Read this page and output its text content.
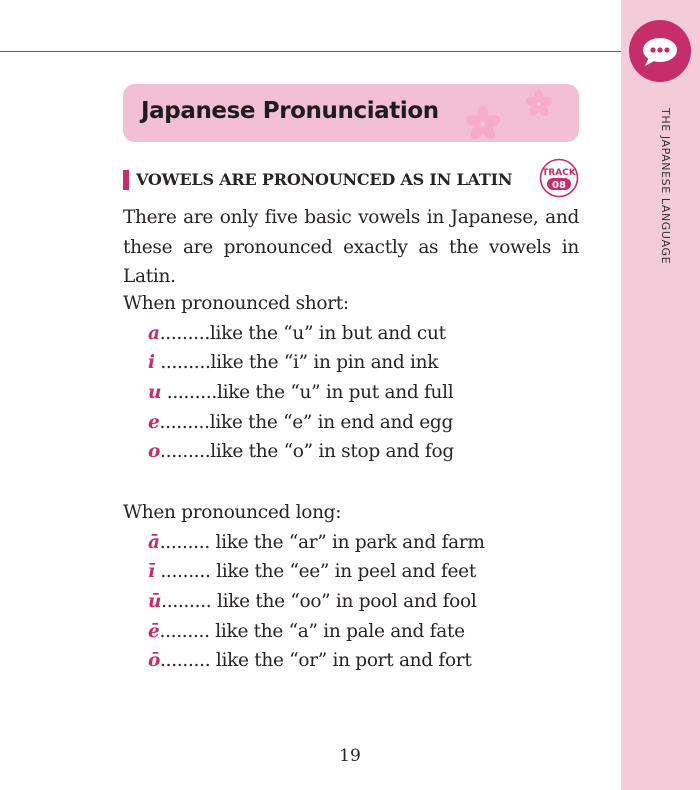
THE JAPANESE LANGUAGE
Japanese Pronunciation
VOWELS ARE PRONOUNCED AS IN LATIN	TRACK
08

There are only five basic vowels in Japanese, and these are pronounced exactly as the vowels in Latin.

When pronounced short:
a.........like the “u” in but and cut
i .........like the “i” in pin and ink
u .........like the “u” in put and full
e.........like the “e” in end and egg
o.........like the “o” in stop and fog
When pronounced long:
ā......... like the “ar” in park and farm
ī ......... like the “ee” in peel and feet
ū......... like the “oo” in pool and fool
ē......... like the “a” in pale and fate
ō......... like the “or” in port and fort
19
